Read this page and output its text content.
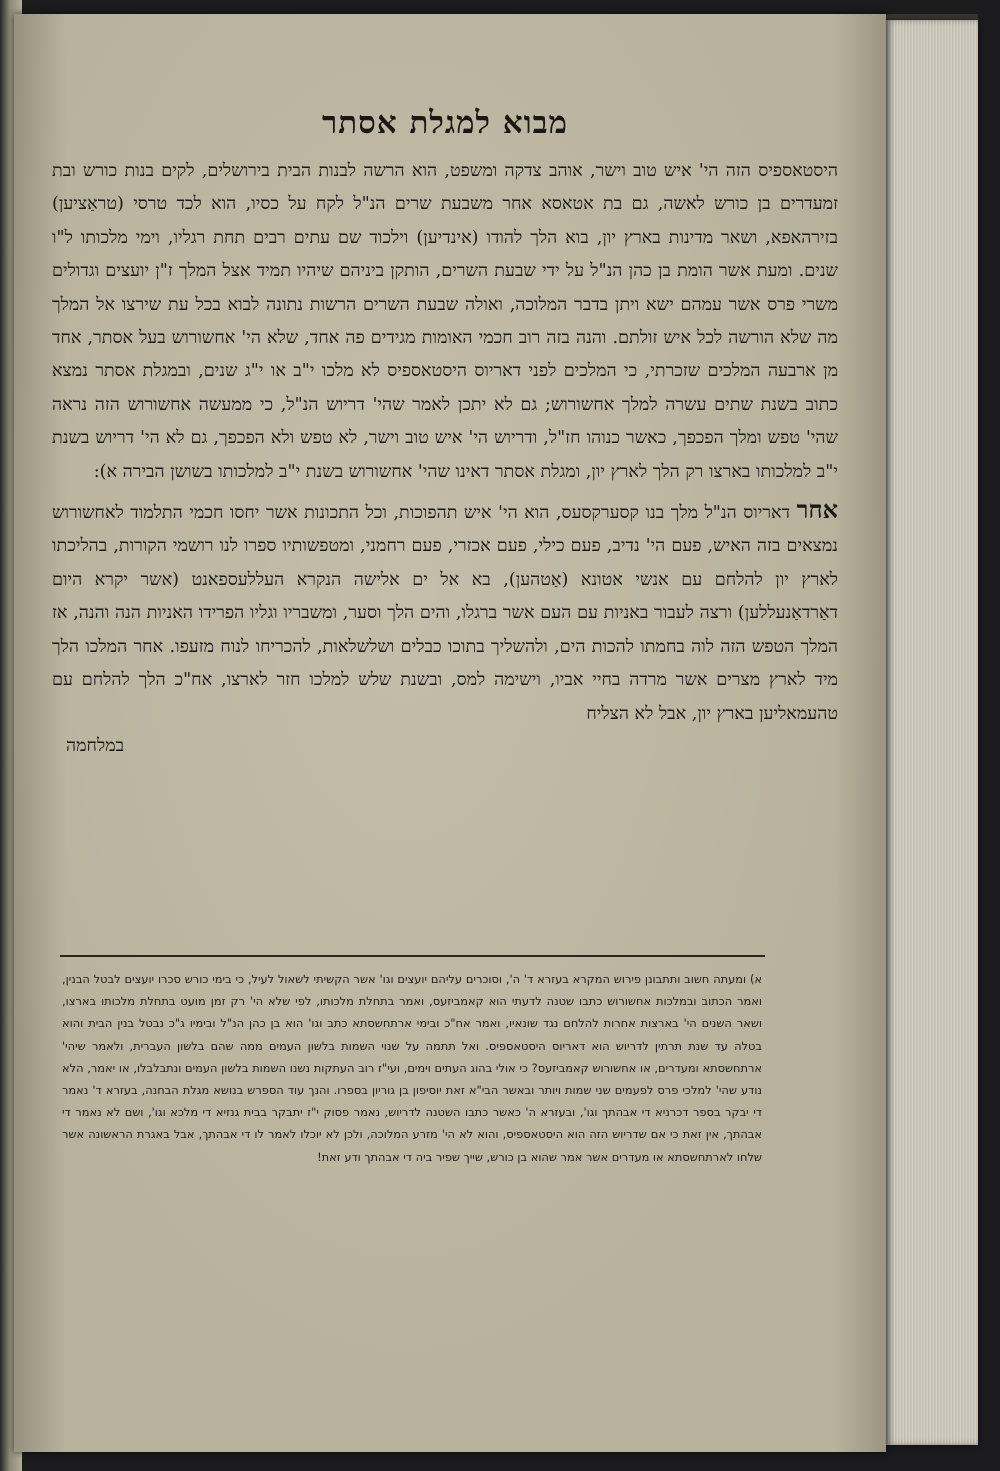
מבוא למגלת אסתר

היסטאספיס הזה הי' איש טוב וישר, אוהב צדקה ומשפט, הוא הרשה לבנות הבית בירושלים, לקים בנות כורש ובת זמעדרים בן כורש לאשה, גם בת אטאסא אחר משבעת שרים הנ"ל לקח על כסיו, הוא לכד טרסי (טראַציען) בזירהאפא, ושאר מדינות בארץ יון, בוא הלך להודו (אינדיען) וילכוד שם עתים רבים תחת רגליו, וימי מלכותו ל"ו שנים. ומעת אשר הומת בן כהן הנ"ל על ידי שבעת השרים, הותקן ביניהם שיהיו תמיד אצל המלך ז"ן יועצים וגדולים משרי פרס אשר עמהם ישא ויתן בדבר המלוכה, ואולה שבעת השרים הרשות נתונה לבוא בכל עת שירצו אל המלך מה שלא הורשה לכל איש זולתם. והנה בזה רוב חכמי האומות מגידים פה אחד, שלא הי' אחשורוש בעל אסתר, אחד מן ארבעה המלכים שזכרתי, כי המלכים לפני דאריוס היסטאספיס לא מלכו י"ב או י"ג שנים, ובמגלת אסתר נמצא כתוב בשנת שתים עשרה למלך אחשורוש; גם לא יתכן לאמר שהי' דריוש הנ"ל, כי ממעשה אחשורוש הזה נראה שהי' טפש ומלך הפכפך, כאשר כנוהו חז"ל, ודריוש הי' איש טוב וישר, לא טפש ולא הפכפך, גם לא הי' דריוש בשנת י"ב למלכותו בארצו רק הלך לארץ יון, ומגלת אסתר דאינו שהי' אחשורוש בשנת י"ב למלכותו בשושן הבירה א):

אחר דאריוס הנ"ל מלך בנו קסערקסעס, הוא הי' איש תהפוכות, וכל התכונות אשר יחסו חכמי התלמוד לאחשורוש נמצאים בזה האיש, פעם הי' נדיב, פעם כילי, פעם אכזרי, פעם רחמני, ומטפשותיו ספרו לנו רושמי הקורות, בהליכתו לארץ יון להלחם עם אנשי אטונא (אַטהען), בא אל ים אלישה הנקרא העללעספאנט (אשר יקרא היום דאַרדאַנעללען) ורצה לעבור באניות עם העם אשר ברגלו, והים הלך וסער, ומשבריו וגליו הפרידו האניות הנה והנה, אז המלך הטפש הזה לוה בחמתו להכות הים, ולהשליך בתוכו כבלים ושלשלאות, להכריחו לנוח מזעפו. אחר המלכו הלך מיד לארץ מצרים אשר מרדה בחיי אביו, וישימה למס, ובשנת שלש למלכו חזר לארצו, אח"כ הלך להלחם עם טהעמאליען בארץ יון, אבל לא הצליח

במלחמה

א) ומעתה חשוב ותתבונן פירוש המקרא בעזרא ד' ה', וסוכרים עליהם יועצים וגו' אשר הקשיתי לשאול לעיל, כי בימי כורש סכרו יועצים לבטל הבנין, ואמר הכתוב ובמלכות אחשורוש כתבו שטנה לדעתי הוא קאמביזעס, ואמר בתחלת מלכותו, לפי שלא הי' רק זמן מועט בתחלת מלכותו בארצו, ושאר השנים הי' בארצות אחרות להלחם נגד שונאיו, ואמר אח"כ ובימי ארתחשסתא כתב וגו' הוא בן כהן הנ"ל ובימיו ג"כ נבטל בנין הבית והוא בטלה עד שנת תרתין לדריוש הוא דאריוס היסטאספיס. ואל תתמה על שנוי השמות בלשון העמים ממה שהם בלשון העברית, ולאמר שיהי' ארתחשסתא ומעדרים, או אחשורוש קאמביזעס? כי אולי בהוג העתים וימים, ועי"ז רוב העתקות נשנו השמות בלשון העמים ונתבלבלו, או יאמר, הלא נודע שהי' למלכי פרס לפעמים שני שמות ויותר ובאשר הבי"א זאת יוסיפון בן גוריון בספרו. והנך עוד הספרש בנושא מגלת הבחנה, בעזרא ד' נאמר די יבקר בספר דכרניא די אבהתך וגו', ובעזרא ה' כאשר כתבו השטנה לדריוש, נאמר פסוק י"ז יתבקר בבית גנזיא די מלכא וגו', ושם לא נאמר די אבהתך, אין זאת כי אם שדריוש הזה הוא היסטאספיס, והוא לא הי' מזרע המלוכה, ולכן לא יוכלו לאמר לו די אבהתך, אבל באגרת הראשונה אשר שלחו לארתחשסתא או מעדרים אשר אמר שהוא בן כורש, שייך שפיר ביה די אבהתך ודע זאת!
